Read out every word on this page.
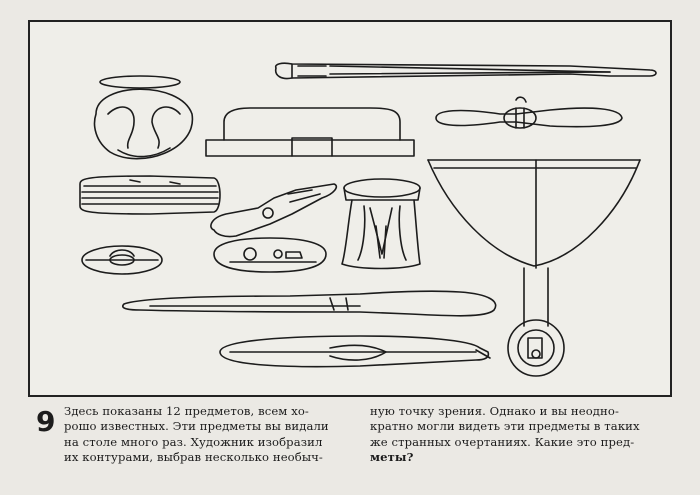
9 Здесь показаны 12 предметов, всем хо-
рошо известных. Эти предметы вы видали
на столе много раз. Художник изобразил
их контурами, выбрав несколько необыч-
ную точку зрения. Однако и вы неодно-
кратно могли видеть эти предметы в таких
же странных очертаниях. Какие это пред-
меты?
